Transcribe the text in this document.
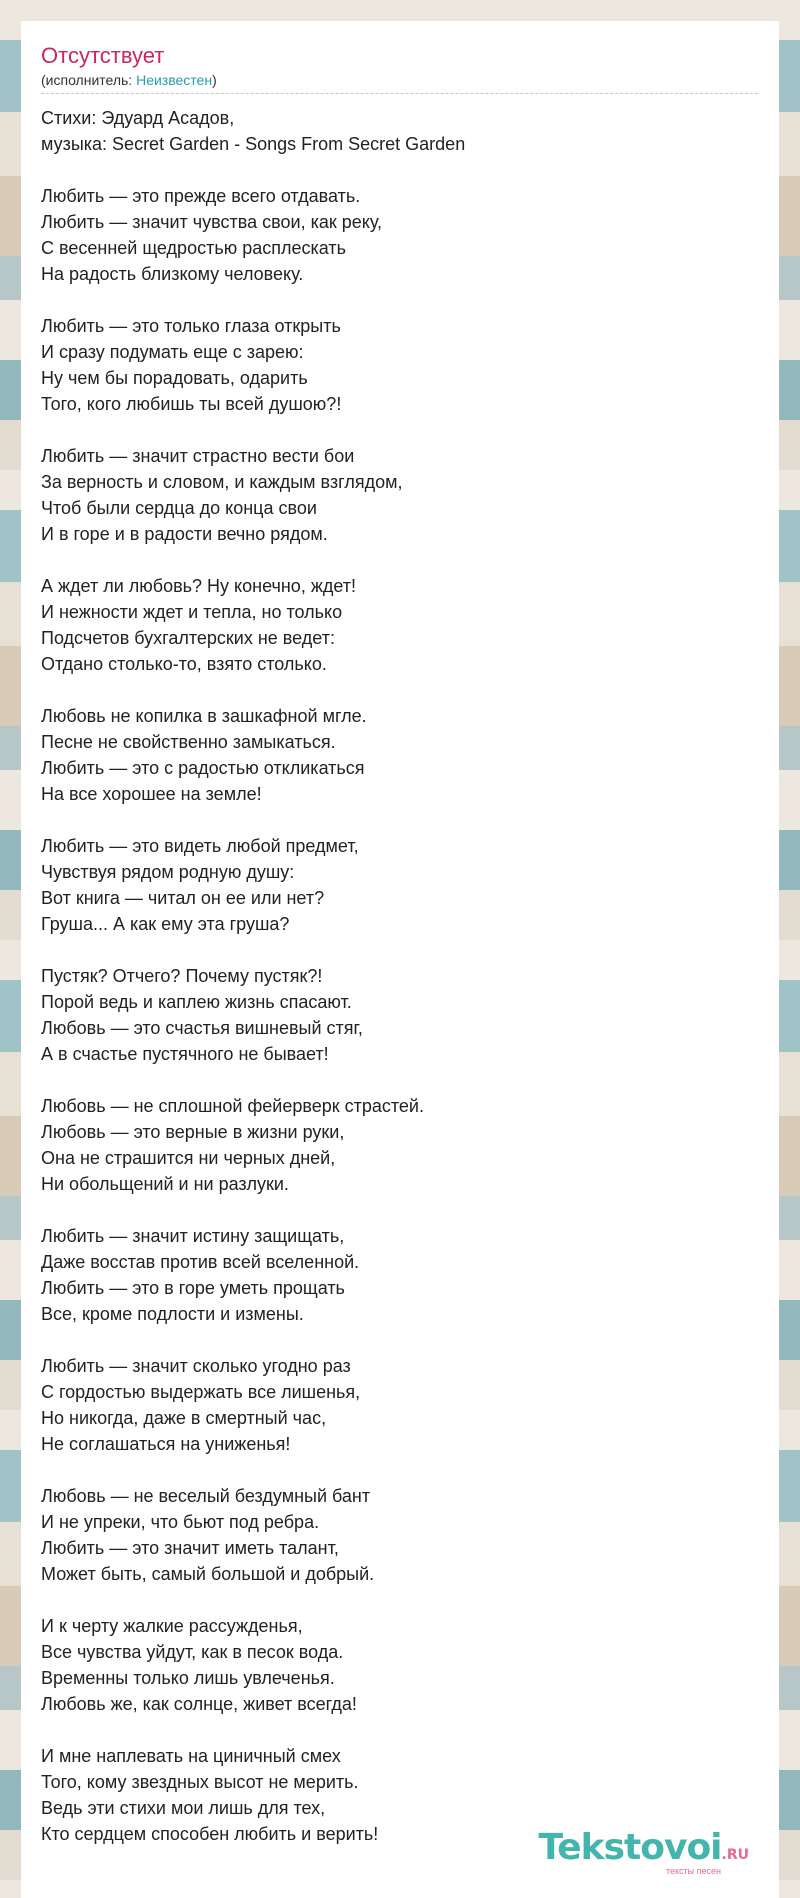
Отсутствует
(исполнитель: Неизвестен)
Стихи: Эдуард Асадов,
музыка: Secret Garden - Songs From Secret Garden
Любить — это прежде всего отдавать.
Любить — значит чувства свои, как реку,
С весенней щедростью расплескать
На радость близкому человеку.
Любить — это только глаза открыть
И сразу подумать еще с зарею:
Ну чем бы порадовать, одарить
Того, кого любишь ты всей душою?!
Любить — значит страстно вести бои
За верность и словом, и каждым взглядом,
Чтоб были сердца до конца свои
И в горе и в радости вечно рядом.
А ждет ли любовь? Ну конечно, ждет!
И нежности ждет и тепла, но только
Подсчетов бухгалтерских не ведет:
Отдано столько-то, взято столько.
Любовь не копилка в зашкафной мгле.
Песне не свойственно замыкаться.
Любить — это с радостью откликаться
На все хорошее на земле!
Любить — это видеть любой предмет,
Чувствуя рядом родную душу:
Вот книга — читал он ее или нет?
Груша... А как ему эта груша?
Пустяк? Отчего? Почему пустяк?!
Порой ведь и каплею жизнь спасают.
Любовь — это счастья вишневый стяг,
А в счастье пустячного не бывает!
Любовь — не сплошной фейерверк страстей.
Любовь — это верные в жизни руки,
Она не страшится ни черных дней,
Ни обольщений и ни разлуки.
Любить — значит истину защищать,
Даже восстав против всей вселенной.
Любить — это в горе уметь прощать
Все, кроме подлости и измены.
Любить — значит сколько угодно раз
С гордостью выдержать все лишенья,
Но никогда, даже в смертный час,
Не соглашаться на униженья!
Любовь — не веселый бездумный бант
И не упреки, что бьют под ребра.
Любить — это значит иметь талант,
Может быть, самый большой и добрый.
И к черту жалкие рассужденья,
Все чувства уйдут, как в песок вода.
Временны только лишь увлеченья.
Любовь же, как солнце, живет всегда!
И мне наплевать на циничный смех
Того, кому звездных высот не мерить.
Ведь эти стихи мои лишь для тех,
Кто сердцем способен любить и верить!	Tekstovoi.RU
тексты песен
